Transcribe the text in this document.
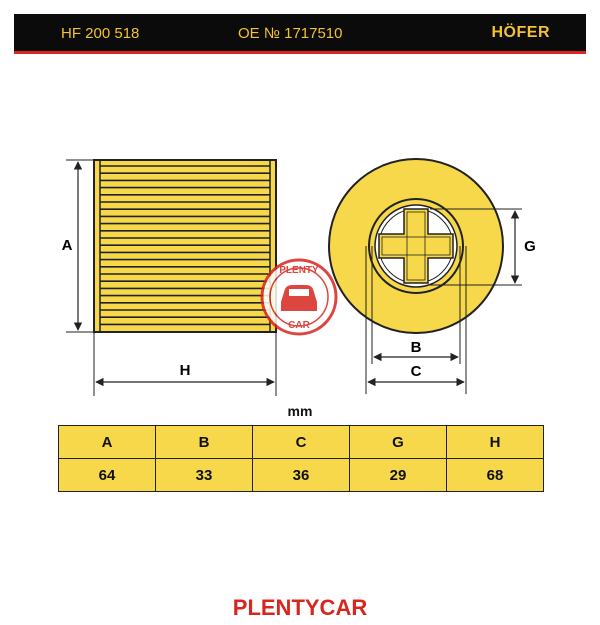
HF 200 518	OE № 1717510	HÖFER
A
H
PLENTY
CAR
G
B
C
mm
A	B	C	G	H
64	33	36	29	68
PLENTYCAR
